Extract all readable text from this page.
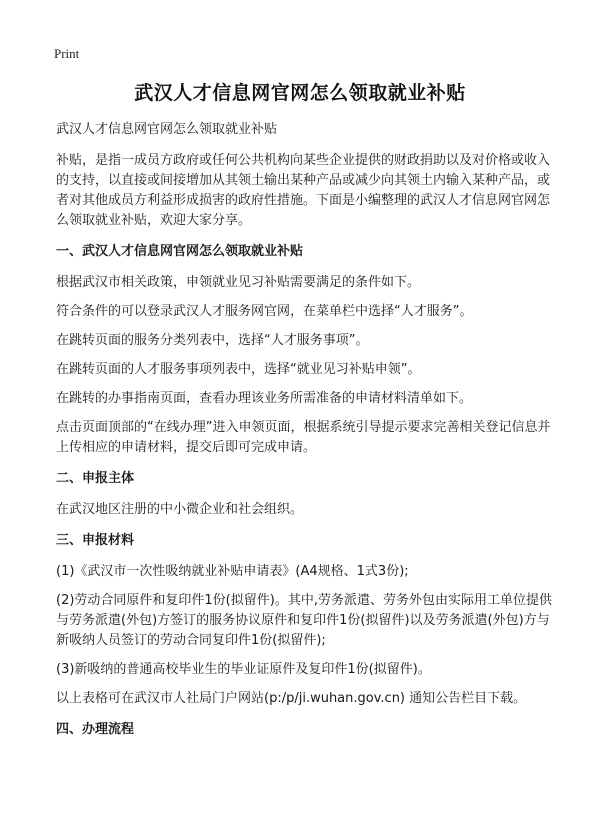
Print
武汉人才信息网官网怎么领取就业补贴

武汉人才信息网官网怎么领取就业补贴

补贴，是指一成员方政府或任何公共机构向某些企业提供的财政捐助以及对价格或收入的支持，以直接或间接增加从其领土输出某种产品或减少向其领土内输入某种产品，或者对其他成员方利益形成损害的政府性措施。下面是小编整理的武汉人才信息网官网怎么领取就业补贴，欢迎大家分享。

一、武汉人才信息网官网怎么领取就业补贴

根据武汉市相关政策，申领就业见习补贴需要满足的条件如下。

符合条件的可以登录武汉人才服务网官网，在菜单栏中选择“人才服务”。

在跳转页面的服务分类列表中，选择“人才服务事项”。

在跳转页面的人才服务事项列表中，选择“就业见习补贴申领”。

在跳转的办事指南页面，查看办理该业务所需准备的申请材料清单如下。

点击页面顶部的“在线办理”进入申领页面，根据系统引导提示要求完善相关登记信息并上传相应的申请材料，提交后即可完成申请。

二、申报主体

在武汉地区注册的中小微企业和社会组织。

三、申报材料

(1)《武汉市一次性吸纳就业补贴申请表》(A4规格、1式3份);

(2)劳动合同原件和复印件1份(拟留件)。其中,劳务派遣、劳务外包由实际用工单位提供与劳务派遣(外包)方签订的服务协议原件和复印件1份(拟留件)以及劳务派遣(外包)方与新吸纳人员签订的劳动合同复印件1份(拟留件);

(3)新吸纳的普通高校毕业生的毕业证原件及复印件1份(拟留件)。

以上表格可在武汉市人社局门户网站(p:/p/ji.wuhan.gov.cn) 通知公告栏目下载。

四、办理流程
